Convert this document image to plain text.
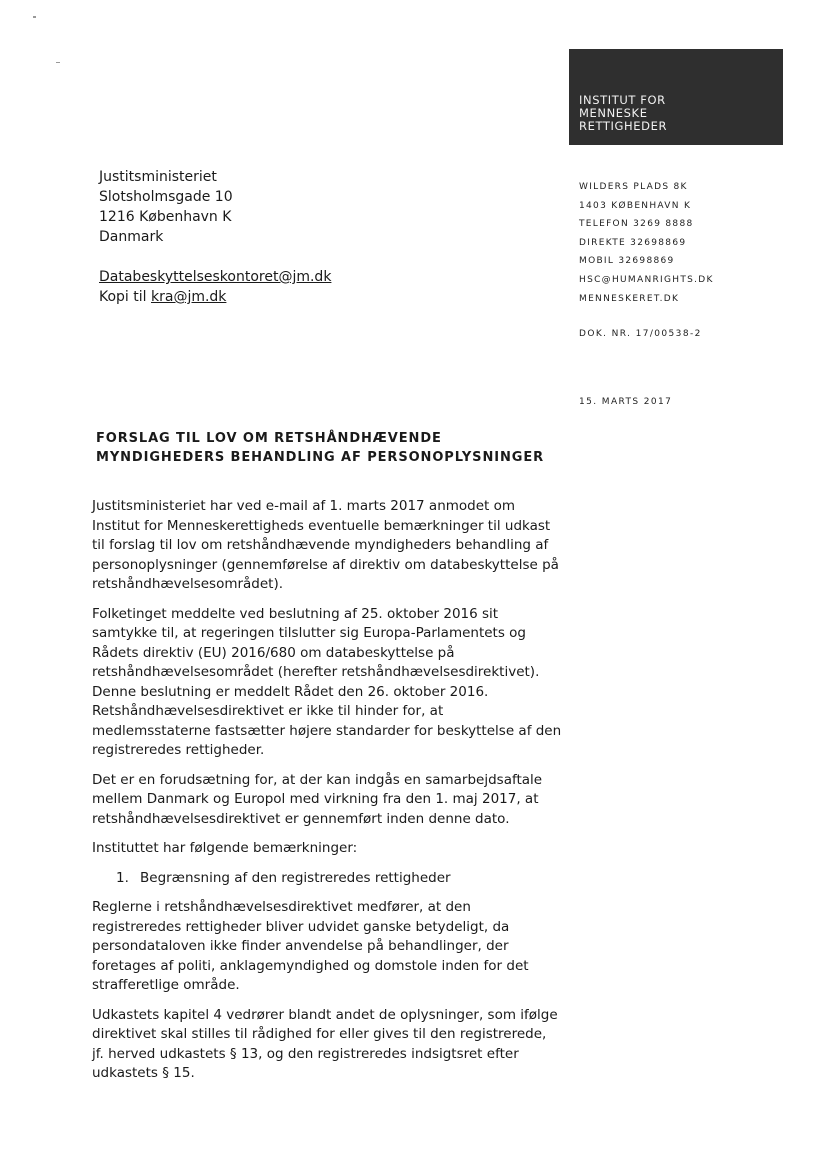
INSTITUT FOR
MENNESKE
RETTIGHEDER
Justitsministeriet
Slotsholmsgade 10
1216 København K
Danmark
Databeskyttelseskontoret@jm.dk
Kopi til kra@jm.dk
WILDERS PLADS 8K
1403 KØBENHAVN K
TELEFON 3269 8888
DIREKTE 32698869
MOBIL 32698869
HSC@HUMANRIGHTS.DK
MENNESKERET.DK
DOK. NR. 17/00538-2
15. MARTS 2017
FORSLAG TIL LOV OM RETSHÅNDHÆVENDE MYNDIGHEDERS BEHANDLING AF PERSONOPLYSNINGER

Justitsministeriet har ved e-mail af 1. marts 2017 anmodet om Institut for Menneskerettigheds eventuelle bemærkninger til udkast til forslag til lov om retshåndhævende myndigheders behandling af personoplysninger (gennemførelse af direktiv om databeskyttelse på retshåndhævelsesområdet).

Folketinget meddelte ved beslutning af 25. oktober 2016 sit samtykke til, at regeringen tilslutter sig Europa-Parlamentets og Rådets direktiv (EU) 2016/680 om databeskyttelse på retshåndhævelsesområdet (herefter retshåndhævelsesdirektivet). Denne beslutning er meddelt Rådet den 26. oktober 2016. Retshåndhævelsesdirektivet er ikke til hinder for, at medlemsstaterne fastsætter højere standarder for beskyttelse af den registreredes rettigheder.

Det er en forudsætning for, at der kan indgås en samarbejdsaftale mellem Danmark og Europol med virkning fra den 1. maj 2017, at retshåndhævelsesdirektivet er gennemført inden denne dato.

Instituttet har følgende bemærkninger:

1. Begrænsning af den registreredes rettigheder

Reglerne i retshåndhævelsesdirektivet medfører, at den registreredes rettigheder bliver udvidet ganske betydeligt, da persondataloven ikke finder anvendelse på behandlinger, der foretages af politi, anklagemyndighed og domstole inden for det strafferetlige område.

Udkastets kapitel 4 vedrører blandt andet de oplysninger, som ifølge direktivet skal stilles til rådighed for eller gives til den registrerede, jf. herved udkastets § 13, og den registreredes indsigtsret efter udkastets § 15.
